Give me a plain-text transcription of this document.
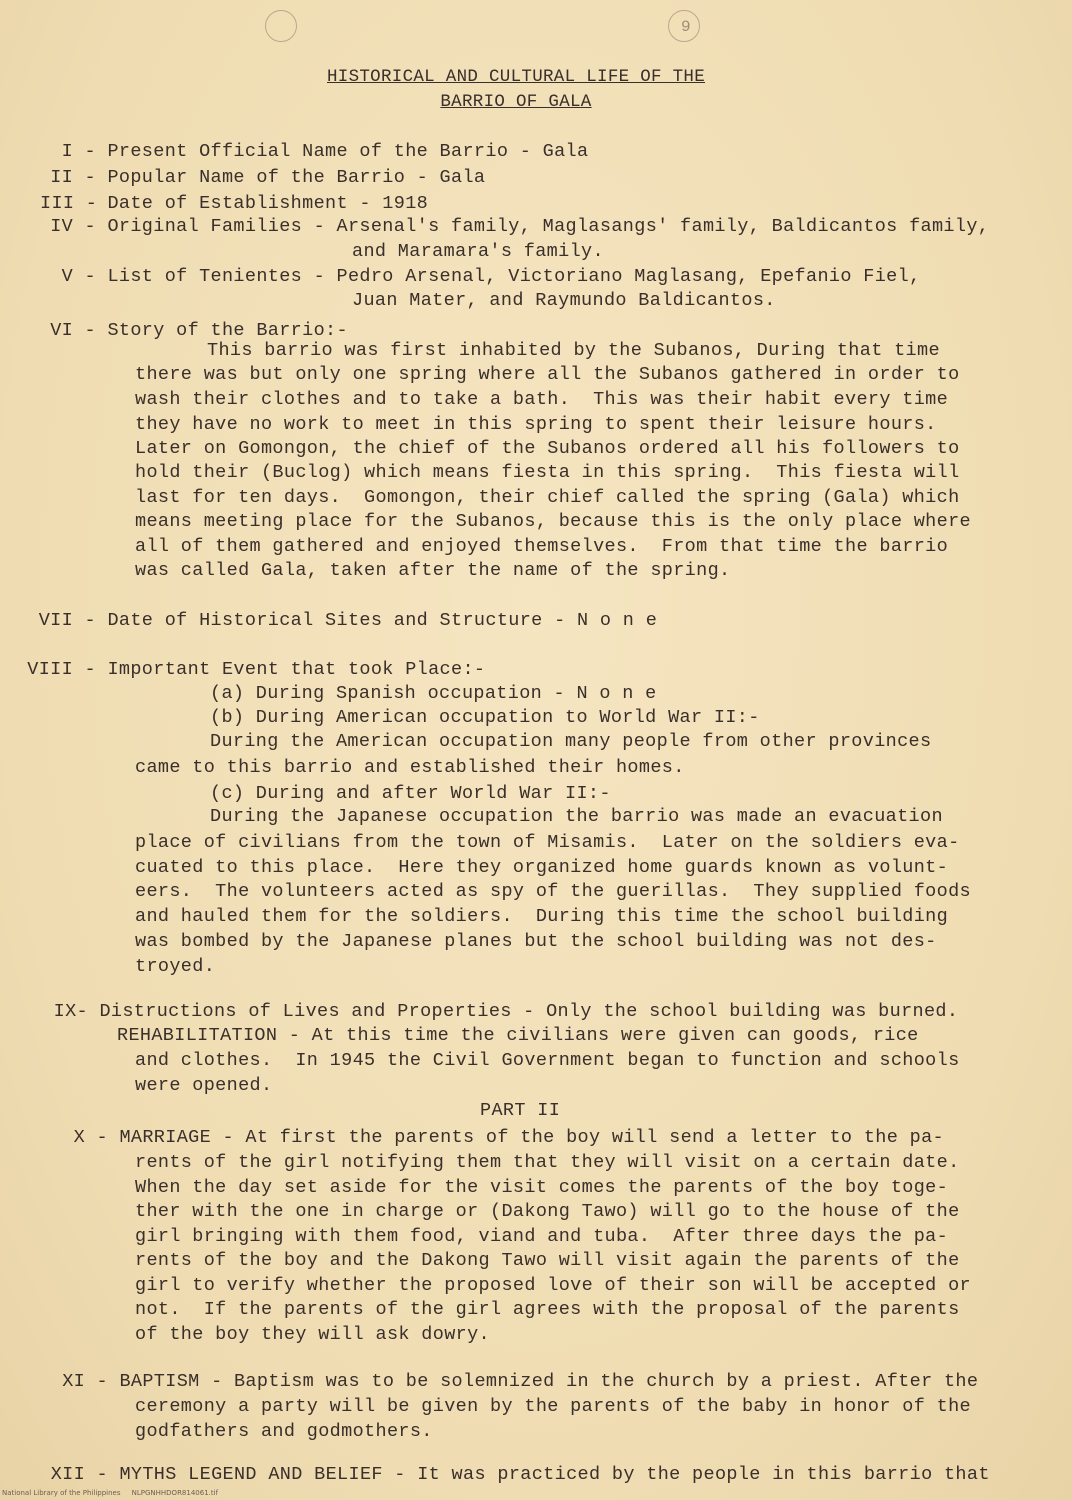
9
HISTORICAL AND CULTURAL LIFE OF THE
BARRIO OF GALA
I - Present Official Name of the Barrio - Gala
II - Popular Name of the Barrio - Gala
III - Date of Establishment - 1918
IV - Original Families - Arsenal's family, Maglasangs' family, Baldicantos family,
and Maramara's family.
V - List of Tenientes - Pedro Arsenal, Victoriano Maglasang, Epefanio Fiel,
Juan Mater, and Raymundo Baldicantos.
VI - Story of the Barrio:-
This barrio was first inhabited by the Subanos, During that time
there was but only one spring where all the Subanos gathered in order to
wash their clothes and to take a bath.  This was their habit every time
they have no work to meet in this spring to spent their leisure hours.
Later on Gomongon, the chief of the Subanos ordered all his followers to
hold their (Buclog) which means fiesta in this spring.  This fiesta will
last for ten days.  Gomongon, their chief called the spring (Gala) which
means meeting place for the Subanos, because this is the only place where
all of them gathered and enjoyed themselves.  From that time the barrio
was called Gala, taken after the name of the spring.
VII - Date of Historical Sites and Structure - N o n e
VIII - Important Event that took Place:-
(a) During Spanish occupation - N o n e
(b) During American occupation to World War II:-
During the American occupation many people from other provinces
came to this barrio and established their homes.
(c) During and after World War II:-
During the Japanese occupation the barrio was made an evacuation
place of civilians from the town of Misamis.  Later on the soldiers eva-
cuated to this place.  Here they organized home guards known as volunt-
eers.  The volunteers acted as spy of the guerillas.  They supplied foods
and hauled them for the soldiers.  During this time the school building
was bombed by the Japanese planes but the school building was not des-
troyed.
IX- Distructions of Lives and Properties - Only the school building was burned.
REHABILITATION - At this time the civilians were given can goods, rice
and clothes.  In 1945 the Civil Government began to function and schools
were opened.
PART II
X - MARRIAGE - At first the parents of the boy will send a letter to the pa-
rents of the girl notifying them that they will visit on a certain date.
When the day set aside for the visit comes the parents of the boy toge-
ther with the one in charge or (Dakong Tawo) will go to the house of the
girl bringing with them food, viand and tuba.  After three days the pa-
rents of the boy and the Dakong Tawo will visit again the parents of the
girl to verify whether the proposed love of their son will be accepted or
not.  If the parents of the girl agrees with the proposal of the parents
of the boy they will ask dowry.
XI - BAPTISM - Baptism was to be solemnized in the church by a priest. After the
ceremony a party will be given by the parents of the baby in honor of the
godfathers and godmothers.
XII - MYTHS LEGEND AND BELIEF - It was practiced by the people in this barrio that
National Library of the Philippines     NLPGNHHDOR814061.tif
